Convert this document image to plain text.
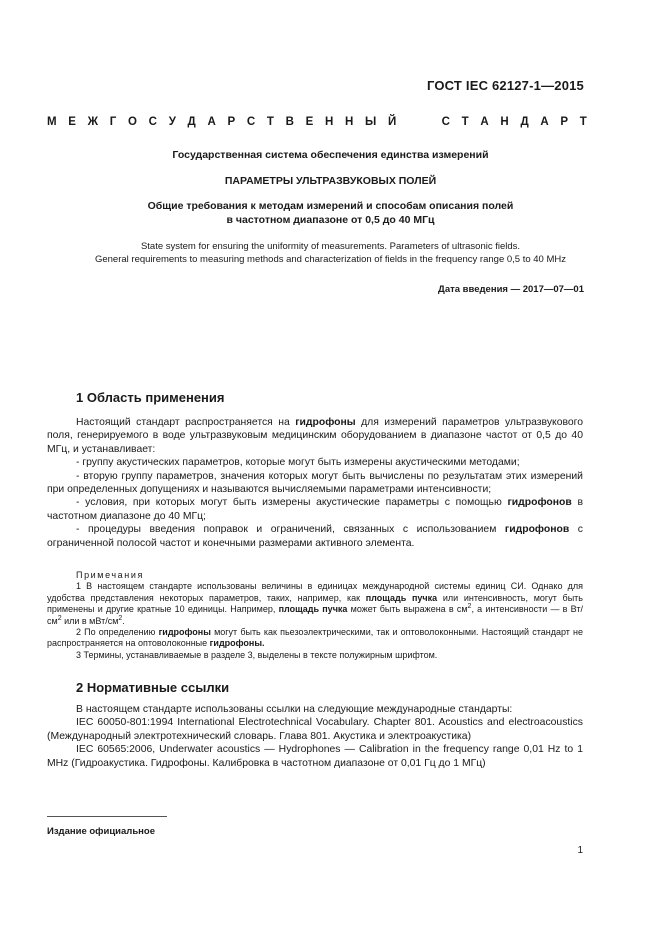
ГОСТ IEC 62127-1—2015
М Е Ж Г О С У Д А Р С Т В Е Н Н Ы Й	С Т А Н Д А Р Т
Государственная система обеспечения единства измерений
ПАРАМЕТРЫ УЛЬТРАЗВУКОВЫХ ПОЛЕЙ
Общие требования к методам измерений и способам описания полей
в частотном диапазоне от 0,5 до 40 МГц
State system for ensuring the uniformity of measurements. Parameters of ultrasonic fields.
General requirements to measuring methods and characterization of fields in the frequency range 0,5 to 40 MHz
Дата введения — 2017—07—01
1 Область применения

Настоящий стандарт распространяется на гидрофоны для измерений параметров ультразвукового поля, генерируемого в воде ультразвуковым медицинским оборудованием в диапазоне частот от 0,5 до 40 МГц, и устанавливает:

- группу акустических параметров, которые могут быть измерены акустическими методами;

- вторую группу параметров, значения которых могут быть вычислены по результатам этих измерений при определенных допущениях и называются вычисляемыми параметрами интенсивности;

- условия, при которых могут быть измерены акустические параметры с помощью гидрофонов в частотном диапазоне до 40 МГц;

- процедуры введения поправок и ограничений, связанных с использованием гидрофонов с ограниченной полосой частот и конечными размерами активного элемента.

Примечания

1 В настоящем стандарте использованы величины в единицах международной системы единиц СИ. Однако для удобства представления некоторых параметров, таких, например, как площадь пучка или интенсивность, могут быть применены и другие кратные 10 единицы. Например, площадь пучка может быть выражена в $см^2$, а интенсивности — в $Вт/см^2$ или в мВт/$см^2$.

2 По определению гидрофоны могут быть как пьезоэлектрическими, так и оптоволоконными. Настоящий стандарт не распространяется на оптоволоконные гидрофоны.

3 Термины, устанавливаемые в разделе 3, выделены в тексте полужирным шрифтом.

2 Нормативные ссылки

В настоящем стандарте использованы ссылки на следующие международные стандарты:

IEC 60050-801:1994 International Electrotechnical Vocabulary. Chapter 801. Acoustics and electroacoustics (Международный электротехнический словарь. Глава 801. Акустика и электроакустика)

IEC 60565:2006, Underwater acoustics — Hydrophones — Calibration in the frequency range 0,01 Hz to 1 MHz (Гидроакустика. Гидрофоны. Калибровка в частотном диапазоне от 0,01 Гц до 1 МГц)

Издание официальное
1
